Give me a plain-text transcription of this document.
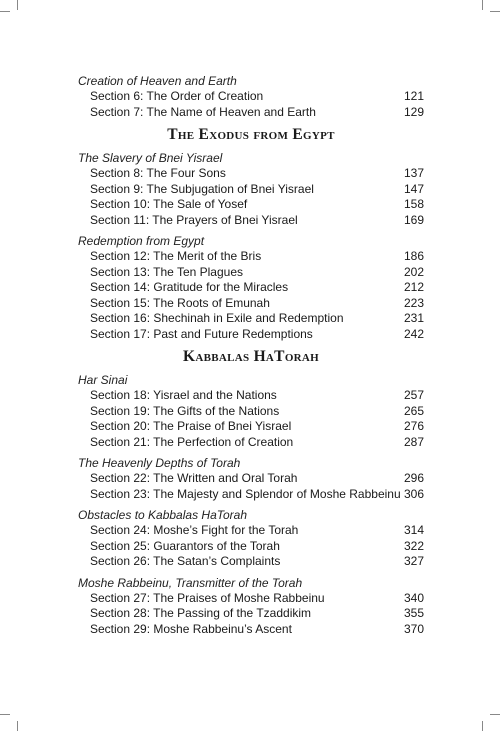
Creation of Heaven and Earth
Section 6: The Order of Creation	121
Section 7: The Name of Heaven and Earth	129
The Exodus from Egypt
The Slavery of Bnei Yisrael
Section 8: The Four Sons	137
Section 9: The Subjugation of Bnei Yisrael	147
Section 10: The Sale of Yosef	158
Section 11: The Prayers of Bnei Yisrael	169
Redemption from Egypt
Section 12: The Merit of the Bris	186
Section 13: The Ten Plagues	202
Section 14: Gratitude for the Miracles	212
Section 15: The Roots of Emunah	223
Section 16: Shechinah in Exile and Redemption	231
Section 17: Past and Future Redemptions	242
Kabbalas HaTorah
Har Sinai
Section 18: Yisrael and the Nations	257
Section 19: The Gifts of the Nations	265
Section 20: The Praise of Bnei Yisrael	276
Section 21: The Perfection of Creation	287
The Heavenly Depths of Torah
Section 22: The Written and Oral Torah	296
Section 23: The Majesty and Splendor of Moshe Rabbeinu 306
Obstacles to Kabbalas HaTorah
Section 24: Moshe’s Fight for the Torah	314
Section 25: Guarantors of the Torah	322
Section 26: The Satan’s Complaints	327
Moshe Rabbeinu, Transmitter of the Torah
Section 27: The Praises of Moshe Rabbeinu	340
Section 28: The Passing of the Tzaddikim	355
Section 29: Moshe Rabbeinu’s Ascent	370
